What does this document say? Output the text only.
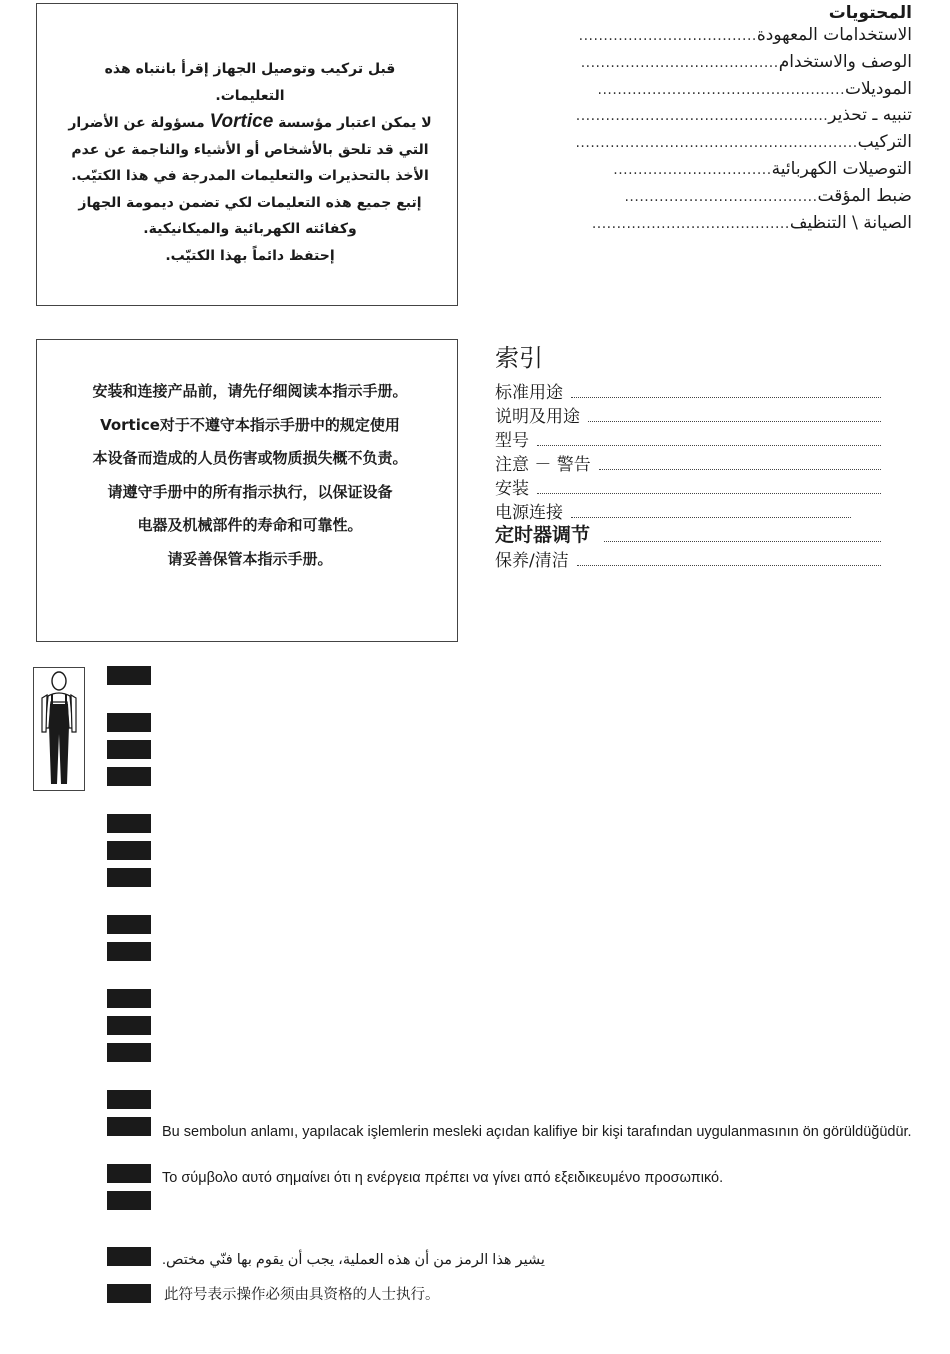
قبل تركيب وتوصيل الجهاز إقرأ بانتباه هذه
التعليمات.
لا يمكن اعتبار مؤسسة Vortice مسؤولة عن الأضرار
التي قد تلحق بالأشخاص أو الأشياء والناجمة عن عدم
الأخذ بالتحذيرات والتعليمات المدرجة في هذا الكتيّب.
إتبع جميع هذه التعليمات لكي تضمن ديمومة الجهاز
وكفائته الكهربائية والميكانيكية.
إحتفظ دائماً بهذا الكتيّب.
المحتويات
الاستخدامات المعهودة
....................................
الوصف والاستخدام
........................................
الموديلات
..................................................
تنبيه ـ تحذير
...................................................
التركيب
.........................................................
التوصيلات الكهربائية
................................
ضبط المؤقت
.......................................
الصيانة \ التنظيف
........................................
安装和连接产品前，请先仔细阅读本指示手册。
Vortice对于不遵守本指示手册中的规定使用
本设备而造成的人员伤害或物质损失概不负责。
请遵守手册中的所有指示执行，以保证设备
电器及机械部件的寿命和可靠性。
请妥善保管本指示手册。
索引
标准用途
说明及用途
型号
注意 － 警告
安装
电源连接
定时器调节
保养/清洁
Bu sembolun anlamı, yapılacak işlemlerin mesleki açıdan kalifiye bir kişi tarafından uygulanmasının ön görüldüğüdür.
Το σύμβολο αυτό σημαίνει ότι η ενέργεια πρέπει να γίνει από εξειδικευμένο προσωπικό.
يشير هذا الرمز من أن هذه العملية، يجب أن يقوم بها فنّي مختص.
此符号表示操作必须由具资格的人士执行。
